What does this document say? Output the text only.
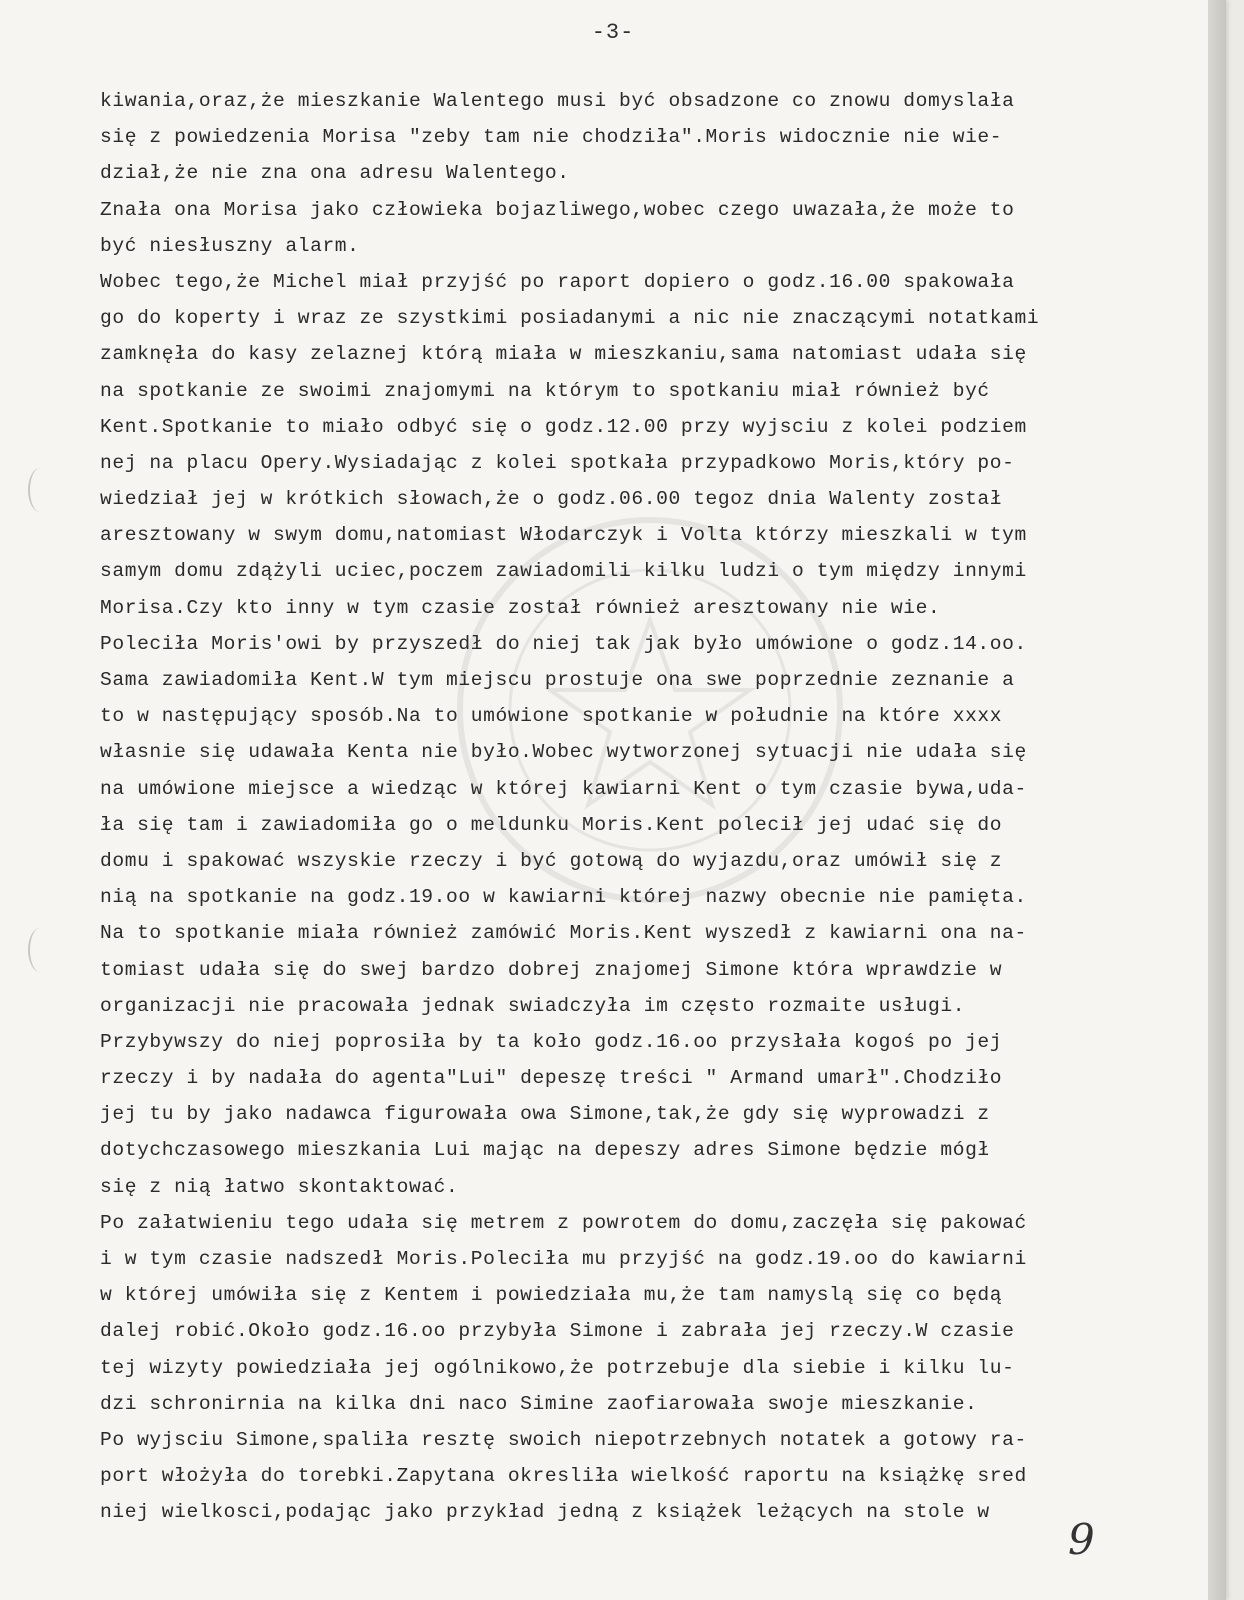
-3-
kiwania,oraz,że mieszkanie Walentego musi być obsadzone co znowu domyslała
się z powiedzenia Morisa "zeby tam nie chodziła".Moris widocznie nie wie-
dział,że nie zna ona adresu Walentego.
Znała ona Morisa jako człowieka bojazliwego,wobec czego uwazała,że może to
być niesłuszny alarm.
Wobec tego,że Michel miał przyjść po raport dopiero o godz.16.00 spakowała
go do koperty i wraz ze szystkimi posiadanymi a nic nie znaczącymi notatkami
zamknęła do kasy zelaznej którą miała w mieszkaniu,sama natomiast udała się
na spotkanie ze swoimi znajomymi na którym to spotkaniu miał również być
Kent.Spotkanie to miało odbyć się o godz.12.00 przy wyjsciu z kolei podziem
nej na placu Opery.Wysiadając z kolei spotkała przypadkowo Moris,który po-
wiedział jej w krótkich słowach,że o godz.06.00 tegoz dnia Walenty został
aresztowany w swym domu,natomiast Włodarczyk i Volta którzy mieszkali w tym
samym domu zdążyli uciec,poczem zawiadomili kilku ludzi o tym między innymi
Morisa.Czy kto inny w tym czasie został również aresztowany nie wie.
Poleciła Moris'owi by przyszedł do niej tak jak było umówione o godz.14.oo.
Sama zawiadomiła Kent.W tym miejscu prostuje ona swe poprzednie zeznanie a
to w następujący sposób.Na to umówione spotkanie w południe na które xxxx
własnie się udawała Kenta nie było.Wobec wytworzonej sytuacji nie udała się
na umówione miejsce a wiedząc w której kawiarni Kent o tym czasie bywa,uda-
ła się tam i zawiadomiła go o meldunku Moris.Kent polecił jej udać się do
domu i spakować wszyskie rzeczy i być gotową do wyjazdu,oraz umówił się z
nią na spotkanie na godz.19.oo w kawiarni której nazwy obecnie nie pamięta.
Na to spotkanie miała również zamówić Moris.Kent wyszedł z kawiarni ona na-
tomiast udała się do swej bardzo dobrej znajomej Simone która wprawdzie w
organizacji nie pracowała jednak swiadczyła im często rozmaite usługi.
Przybywszy do niej poprosiła by ta koło godz.16.oo przysłała kogoś po jej
rzeczy i by nadała do agenta"Lui" depeszę treści " Armand umarł".Chodziło
jej tu by jako nadawca figurowała owa Simone,tak,że gdy się wyprowadzi z
dotychczasowego mieszkania Lui mając na depeszy adres Simone będzie mógł
się z nią łatwo skontaktować.
Po załatwieniu tego udała się metrem z powrotem do domu,zaczęła się pakować
i w tym czasie nadszedł Moris.Poleciła mu przyjść na godz.19.oo do kawiarni
w której umówiła się z Kentem i powiedziała mu,że tam namyslą się co będą
dalej robić.Około godz.16.oo przybyła Simone i zabrała jej rzeczy.W czasie
tej wizyty powiedziała jej ogólnikowo,że potrzebuje dla siebie i kilku lu-
dzi schronirnia na kilka dni naco Simine zaofiarowała swoje mieszkanie.
Po wyjsciu Simone,spaliła resztę swoich niepotrzebnych notatek a gotowy ra-
port włożyła do torebki.Zapytana okresliła wielkość raportu na książkę sred
niej wielkosci,podając jako przykład jedną z książek leżących na stole w
9
